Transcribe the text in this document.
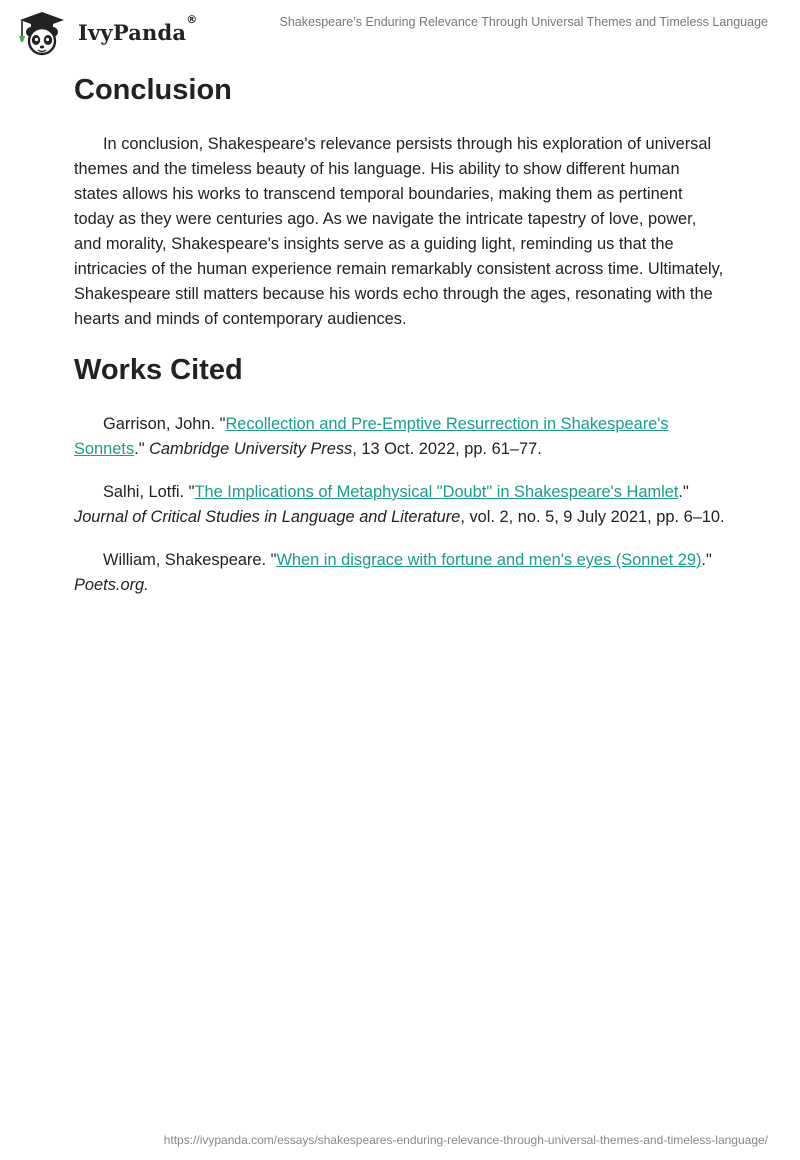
IvyPanda®	Shakespeare’s Enduring Relevance Through Universal Themes and Timeless Language
Conclusion

In conclusion, Shakespeare's relevance persists through his exploration of universal themes and the timeless beauty of his language. His ability to show different human states allows his works to transcend temporal boundaries, making them as pertinent today as they were centuries ago. As we navigate the intricate tapestry of love, power, and morality, Shakespeare's insights serve as a guiding light, reminding us that the intricacies of the human experience remain remarkably consistent across time. Ultimately, Shakespeare still matters because his words echo through the ages, resonating with the hearts and minds of contemporary audiences.

Works Cited

Garrison, John. "Recollection and Pre-Emptive Resurrection in Shakespeare's Sonnets." Cambridge University Press, 13 Oct. 2022, pp. 61–77.

Salhi, Lotfi. "The Implications of Metaphysical "Doubt" in Shakespeare's Hamlet." Journal of Critical Studies in Language and Literature, vol. 2, no. 5, 9 July 2021, pp. 6–10.

William, Shakespeare. "When in disgrace with fortune and men's eyes (Sonnet 29)." Poets.org.

https://ivypanda.com/essays/shakespeares-enduring-relevance-through-universal-themes-and-timeless-language/
